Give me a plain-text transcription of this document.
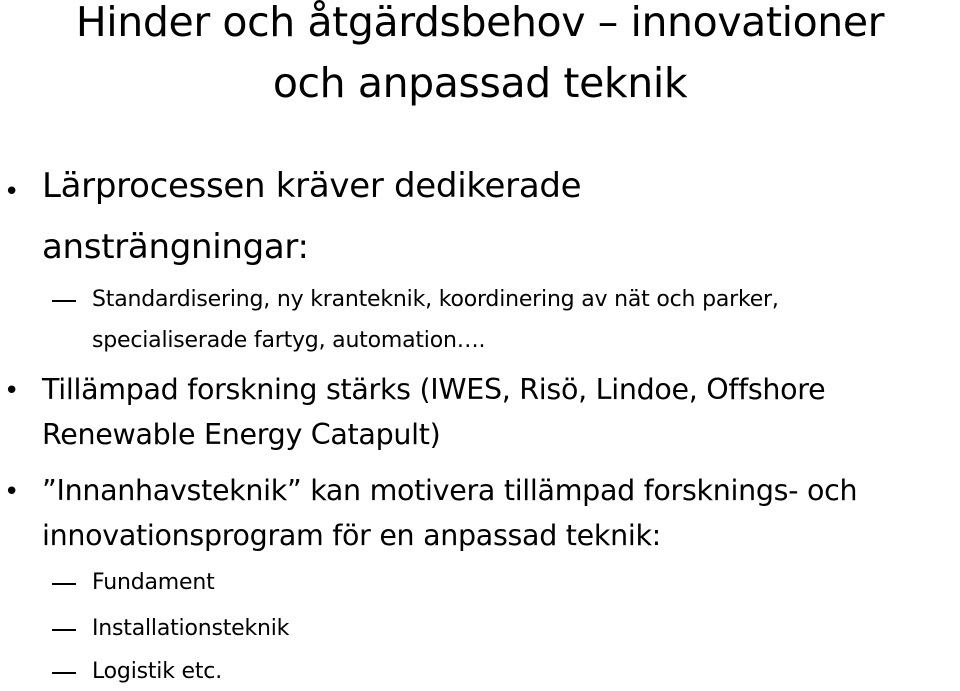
Hinder och åtgärdsbehov – innovationer
och anpassad teknik
• Lärprocessen kräver dedikerade
ansträngningar:
Standardisering, ny kranteknik, koordinering av nät och parker,
specialiserade fartyg, automation….
• Tillämpad forskning stärks (IWES, Risö, Lindoe, Offshore
Renewable Energy Catapult)
• ”Innanhavsteknik” kan motivera tillämpad forsknings- och
innovationsprogram för en anpassad teknik:
Fundament
Installationsteknik
Logistik etc.
